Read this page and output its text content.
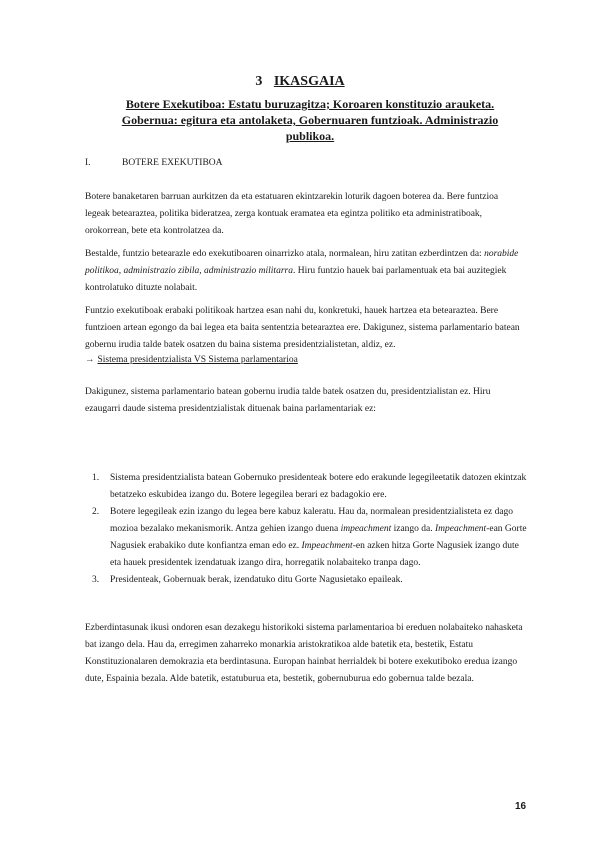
3 IKASGAIA
Botere Exekutiboa: Estatu buruzagitza; Koroaren konstituzio arauketa. Gobernua: egitura eta antolaketa, Gobernuaren funtzioak. Administrazio publikoa.
I.	BOTERE EXEKUTIBOA
Botere banaketaren barruan aurkitzen da eta estatuaren ekintzarekin loturik dagoen boterea da. Bere funtzioa legeak betearaztea, politika bideratzea, zerga kontuak eramatea eta egintza politiko eta administratiboak, orokorrean, bete eta kontrolatzea da.
Bestalde, funtzio betearazle edo exekutiboaren oinarrizko atala, normalean, hiru zatitan ezberdintzen da: norabide politikoa, administrazio zibila, administrazio militarra. Hiru funtzio hauek bai parlamentuak eta bai auzitegiek kontrolatuko dituzte nolabait.
Funtzio exekutiboak erabaki politikoak hartzea esan nahi du, konkretuki, hauek hartzea eta betearaztea. Bere funtzioen artean egongo da bai legea eta baita sententzia betearaztea ere. Dakigunez, sistema parlamentario batean gobernu irudia talde batek osatzen du baina sistema presidentzialistetan, aldiz, ez.
→ Sistema presidentzialista VS Sistema parlamentarioa
Dakigunez, sistema parlamentario batean gobernu irudia talde batek osatzen du, presidentzialistan ez. Hiru ezaugarri daude sistema presidentzialistak dituenak baina parlamentariak ez:
1. Sistema presidentzialista batean Gobernuko presidenteak botere edo erakunde legegileetatik datozen ekintzak betatzeko eskubidea izango du. Botere legegilea berari ez badagokio ere.
2. Botere legegileak ezin izango du legea bere kabuz kaleratu. Hau da, normalean presidentzialisteta ez dago mozioa bezalako mekanismorik. Antza gehien izango duena impeachment izango da. Impeachment-ean Gorte Nagusiek erabakiko dute konfiantza eman edo ez. Impeachment-en azken hitza Gorte Nagusiek izango dute eta hauek presidentek izendatuak izango dira, horregatik nolabaiteko tranpa dago.
3. Presidenteak, Gobernuak berak, izendatuko ditu Gorte Nagusietako epaileak.
Ezberdintasunak ikusi ondoren esan dezakegu historikoki sistema parlamentarioa bi ereduen nolabaiteko nahasketa bat izango dela. Hau da, erregimen zaharreko monarkia aristokratikoa alde batetik eta, bestetik, Estatu Konstituzionalaren demokrazia eta berdintasuna. Europan hainbat herrialdek bi botere exekutiboko eredua izango dute, Espainia bezala. Alde batetik, estatuburua eta, bestetik, gobernuburua edo gobernua talde bezala.
16
